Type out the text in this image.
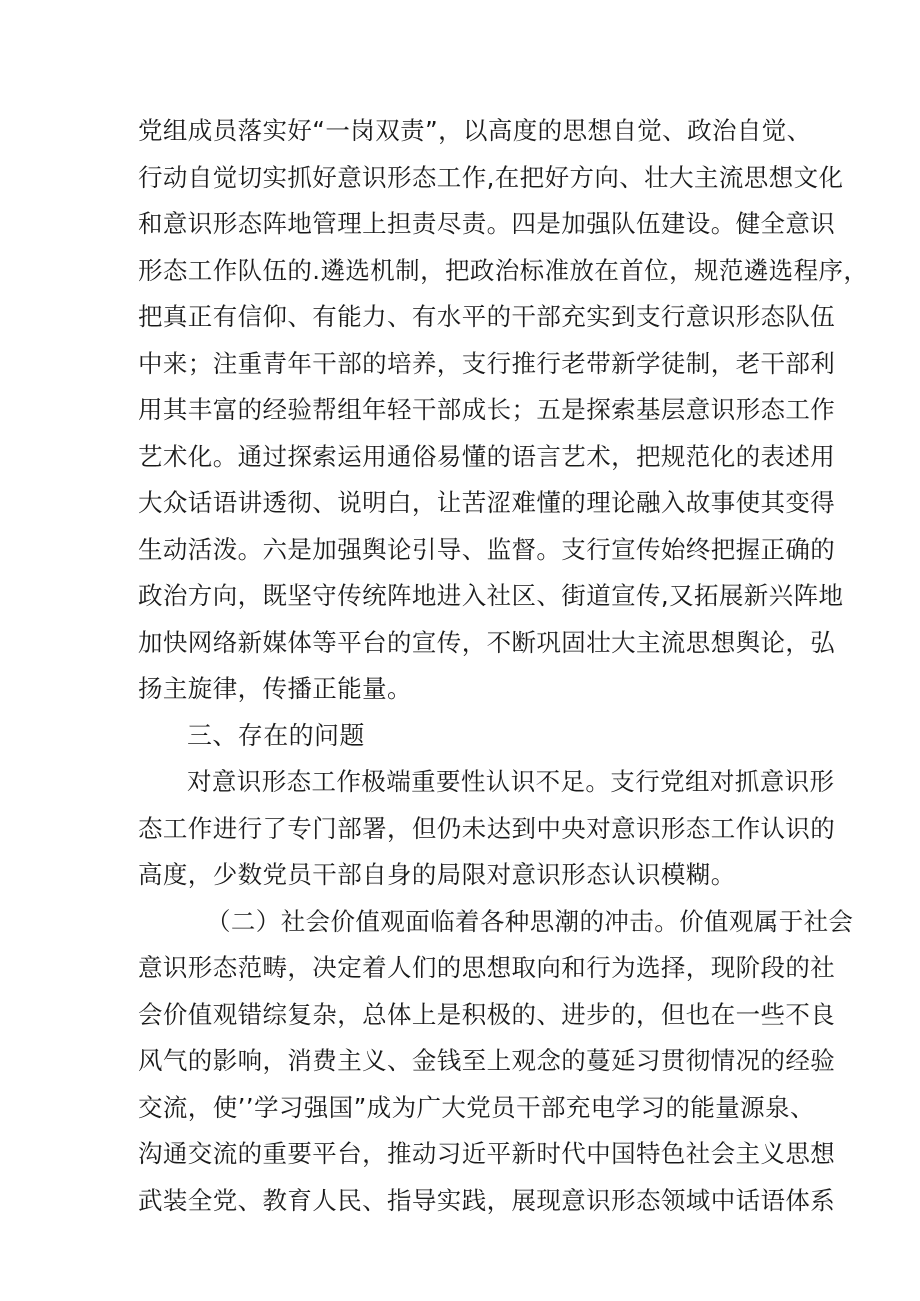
党组成员落实好“一岗双责”，以高度的思想自觉、政治自觉、
行动自觉切实抓好意识形态工作,在把好方向、壮大主流思想文化
和意识形态阵地管理上担责尽责。四是加强队伍建设。健全意识
形态工作队伍的.遴选机制，把政治标准放在首位，规范遴选程序，
把真正有信仰、有能力、有水平的干部充实到支行意识形态队伍
中来；注重青年干部的培养，支行推行老带新学徒制，老干部利
用其丰富的经验帮组年轻干部成长；五是探索基层意识形态工作
艺术化。通过探索运用通俗易懂的语言艺术，把规范化的表述用
大众话语讲透彻、说明白，让苦涩难懂的理论融入故事使其变得
生动活泼。六是加强舆论引导、监督。支行宣传始终把握正确的
政治方向，既坚守传统阵地进入社区、街道宣传,又拓展新兴阵地
加快网络新媒体等平台的宣传，不断巩固壮大主流思想舆论，弘
扬主旋律，传播正能量。
三、存在的问题
对意识形态工作极端重要性认识不足。支行党组对抓意识形
态工作进行了专门部署，但仍未达到中央对意识形态工作认识的
高度，少数党员干部自身的局限对意识形态认识模糊。
（二）社会价值观面临着各种思潮的冲击。价值观属于社会
意识形态范畴，决定着人们的思想取向和行为选择，现阶段的社
会价值观错综复杂，总体上是积极的、进步的，但也在一些不良
风气的影响，消费主义、金钱至上观念的蔓延习贯彻情况的经验
交流，使’’学习强国”成为广大党员干部充电学习的能量源泉、
沟通交流的重要平台，推动习近平新时代中国特色社会主义思想
武装全党、教育人民、指导实践，展现意识形态领域中话语体系
